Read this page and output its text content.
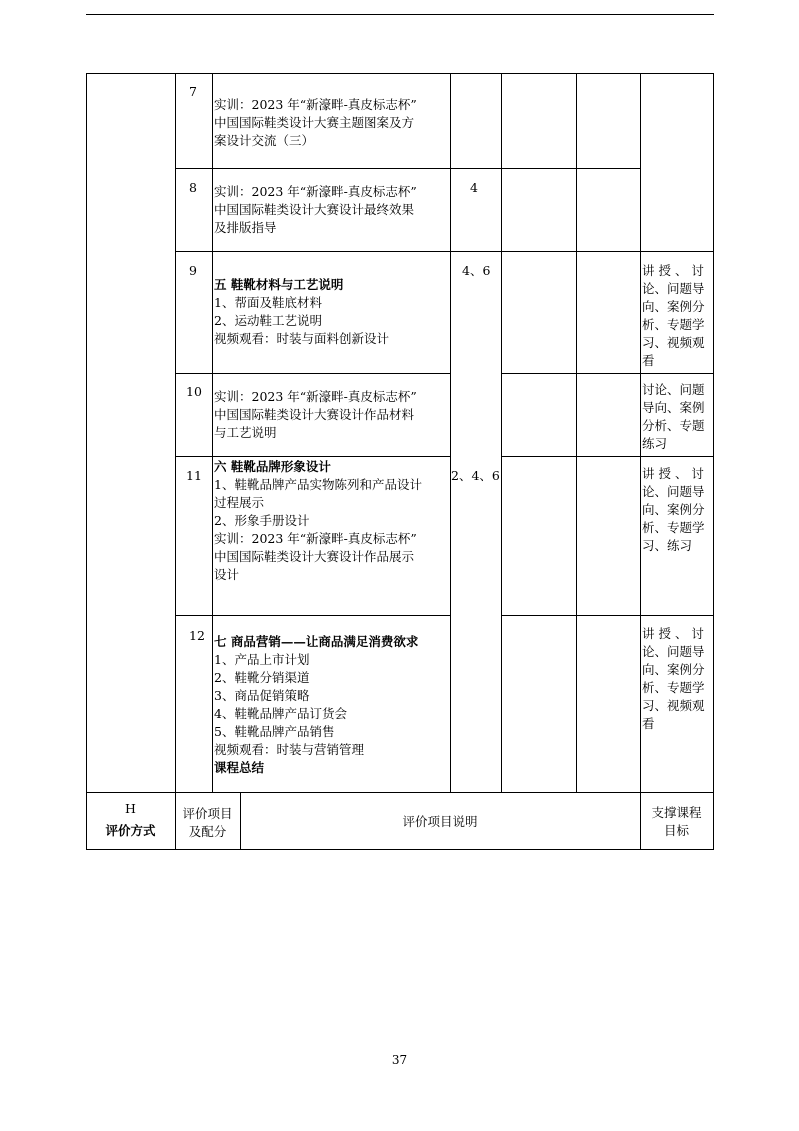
7
实训：2023 年“新濠畔-真皮标志杯”
中国国际鞋类设计大赛主题图案及方
案设计交流（三）
8 实训：2023 年“新濠畔-真皮标志杯”
中国国际鞋类设计大赛设计最终效果
及排版指导
4
9
五 鞋靴材料与工艺说明
1、帮面及鞋底材料
2、运动鞋工艺说明
视频观看：时装与面料创新设计
4、6	讲 授 、 讨
论、问题导
向、案例分
析、专题学
习、视频观
看
10 实训：2023 年“新濠畔-真皮标志杯”
中国国际鞋类设计大赛设计作品材料
与工艺说明
讨论、问题
导向、案例
分析、专题
练习
11
六 鞋靴品牌形象设计
1、鞋靴品牌产品实物陈列和产品设计
过程展示
2、形象手册设计
实训：2023 年“新濠畔-真皮标志杯”
中国国际鞋类设计大赛设计作品展示
设计
2、4、6	讲 授 、 讨
论、问题导
向、案例分
析、专题学
习、练习
12 七 商品营销——让商品满足消费欲求
1、产品上市计划
2、鞋靴分销渠道
3、商品促销策略
4、鞋靴品牌产品订货会
5、鞋靴品牌产品销售
视频观看：时装与营销管理
课程总结
讲 授 、 讨
论、问题导
向、案例分
析、专题学
习、视频观
看
H
评价方式
评价项目
及配分
评价项目说明
支撑课程
目标
37
